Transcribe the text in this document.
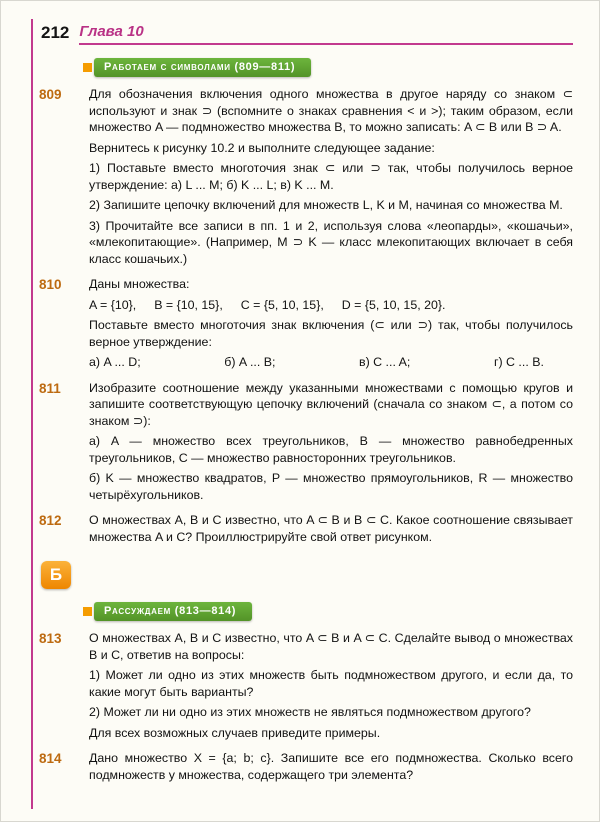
212 Глава 10
Работаем с символами (809—811)
809	Для обозначения включения одного множества в другое наряду со знаком ⊂ используют и знак ⊃ (вспомните о знаках сравнения < и >); таким образом, если множество A — подмножество множества B, то можно записать: A ⊂ B или B ⊃ A.

Вернитесь к рисунку 10.2 и выполните следующее задание:

1) Поставьте вместо многоточия знак ⊂ или ⊃ так, чтобы получилось верное утверждение: а) L ... M; б) K ... L; в) K ... M.

2) Запишите цепочку включений для множеств L, K и M, начиная со множества M.

3) Прочитайте все записи в пп. 1 и 2, используя слова «леопарды», «кошачьи», «млекопитающие». (Например, M ⊃ K — класс млекопитающих включает в себя класс кошачьих.)

810	Даны множества:

A = {10}, B = {10, 15}, C = {5, 10, 15}, D = {5, 10, 15, 20}.

Поставьте вместо многоточия знак включения (⊂ или ⊃) так, чтобы получилось верное утверждение:

а) A ... D;	б) A ... B;	в) C ... A;	г) C ... B.
811	Изобразите соотношение между указанными множествами с помощью кругов и запишите соответствующую цепочку включений (сначала со знаком ⊂, а потом со знаком ⊃):

а) A — множество всех треугольников, B — множество равнобедренных треугольников, C — множество равносторонних треугольников.

б) K — множество квадратов, P — множество прямоугольников, R — множество четырёхугольников.

812	О множествах A, B и C известно, что A ⊂ B и B ⊂ C. Какое соотношение связывает множества A и C? Проиллюстрируйте свой ответ рисунком.

Б
Рассуждаем (813—814)
813	О множествах A, B и C известно, что A ⊂ B и A ⊂ C. Сделайте вывод о множествах B и C, ответив на вопросы:

1) Может ли одно из этих множеств быть подмножеством другого, и если да, то какие могут быть варианты?

2) Может ли ни одно из этих множеств не являться подмножеством другого?

Для всех возможных случаев приведите примеры.

814	Дано множество X = {a; b; c}. Запишите все его подмножества. Сколько всего подмножеств у множества, содержащего три элемента?
